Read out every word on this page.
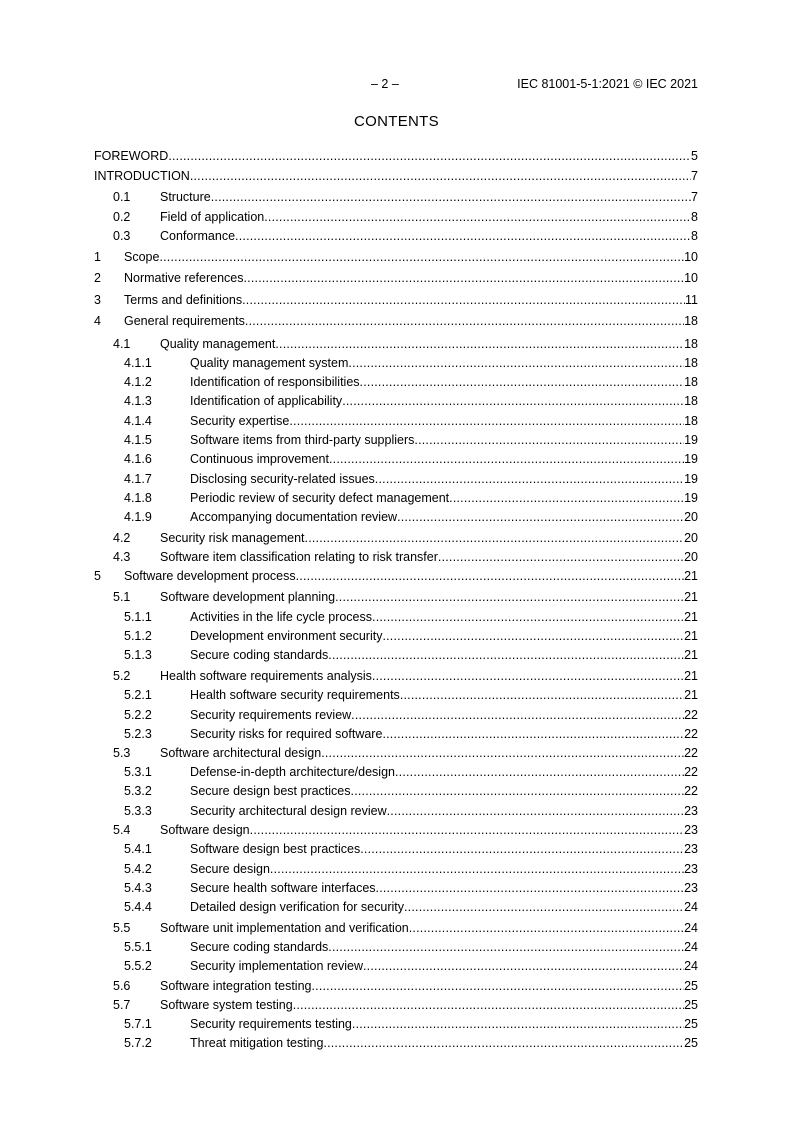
– 2 –	IEC 81001-5-1:2021 © IEC 2021
CONTENTS
FOREWORD .....	5
INTRODUCTION .....	7
0.1 Structure .....	7
0.2 Field of application .....	8
0.3 Conformance .....	8
1 Scope .....	10
2 Normative references .....	10
3 Terms and definitions .....	11
4 General requirements .....	18
4.1 Quality management .....	18
4.1.1	Quality management system .....	18
4.1.2	Identification of responsibilities .....	18
4.1.3	Identification of applicability .....	18
4.1.4	Security expertise .....	18
4.1.5	Software items from third-party suppliers .....	19
4.1.6	Continuous improvement .....	19
4.1.7	Disclosing security-related issues .....	19
4.1.8	Periodic review of security defect management .....	19
4.1.9	Accompanying documentation review .....	20
4.2 Security risk management .....	20
4.3 Software item classification relating to risk transfer .....	20
5 Software development process .....	21
5.1 Software development planning .....	21
5.1.1	Activities in the life cycle process .....	21
5.1.2	Development environment security .....	21
5.1.3	Secure coding standards .....	21
5.2 Health software requirements analysis .....	21
5.2.1	Health software security requirements .....	21
5.2.2	Security requirements review .....	22
5.2.3	Security risks for required software .....	22
5.3 Software architectural design .....	22
5.3.1	Defense-in-depth architecture/design .....	22
5.3.2	Secure design best practices .....	22
5.3.3	Security architectural design review .....	23
5.4 Software design .....	23
5.4.1	Software design best practices .....	23
5.4.2	Secure design .....	23
5.4.3	Secure health software interfaces .....	23
5.4.4	Detailed design verification for security .....	24
5.5 Software unit implementation and verification .....	24
5.5.1	Secure coding standards .....	24
5.5.2	Security implementation review .....	24
5.6 Software integration testing .....	25
5.7 Software system testing .....	25
5.7.1	Security requirements testing .....	25
5.7.2	Threat mitigation testing .....	25
